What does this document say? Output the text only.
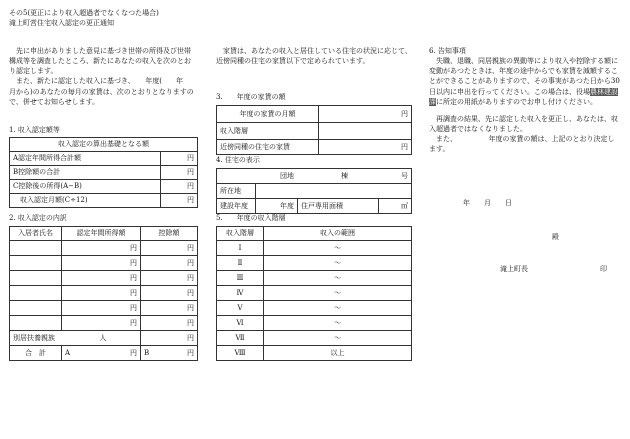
その5(更正により収入超過者でなくなつた場合)
滝上町営住宅収入認定の更正通知

先に申出がありました意見に基づき世帯の所得及び世帯構成等を調査したところ、新たにあなたの収入を次のとおり認定します。

また、新たに認定した収入に基づき、　　年度(　　年　　月から)のあなたの毎月の家賃は、次のとおりとなりますので、併せてお知らせします。

1. 収入認定額等
収入認定の算出基礎となる額	
A認定年間所得合計額	円
B控除額の合計	円
C控除後の所得(A−B)	円
収入認定月額(C÷12)	円
2. 収入認定の内訳
入居者氏名	認定年間所得額	控除額
	円	円
	円	円
	円	円
	円	円
	円	円
	円	円
別居扶養親族 人		円
合　計	A 円	B 円

家賃は、あなたの収入と居住している住宅の状況に応じて、近傍同種の住宅の家賃以下で定められています。

3.　　年度の家賃の額
年度の家賃の月額	円
収入階層	
近傍同種の住宅の家賃	円
4. 住宅の表示
団地			棟 号	

所在地				
建設年度	年度	住戸専用面積		㎡
5.　　年度の収入階層
収入階層	収入の範囲
Ⅰ	〜
Ⅱ	〜
Ⅲ	〜
Ⅳ	〜
Ⅴ	〜
Ⅵ	〜
Ⅶ	〜
Ⅷ	以上
6. 告知事項

失職、退職、同居親族の異動等により収入や控除する額に変動があつたときは、年度の途中からでも家賃を減額することができることがありますので、その事実があつた日から30日以内に申出を行ってください。この場合は、役場農林建設課に所定の用紙がありますのでお申し付けください。

再調査の結果、先に認定した収入を更正し、あなたは、収入超過者ではなくなりました。

また、　　　　　年度の家賃の額は、上記のとおり決定します。

年　　月　　日
殿
滝上町長	印
